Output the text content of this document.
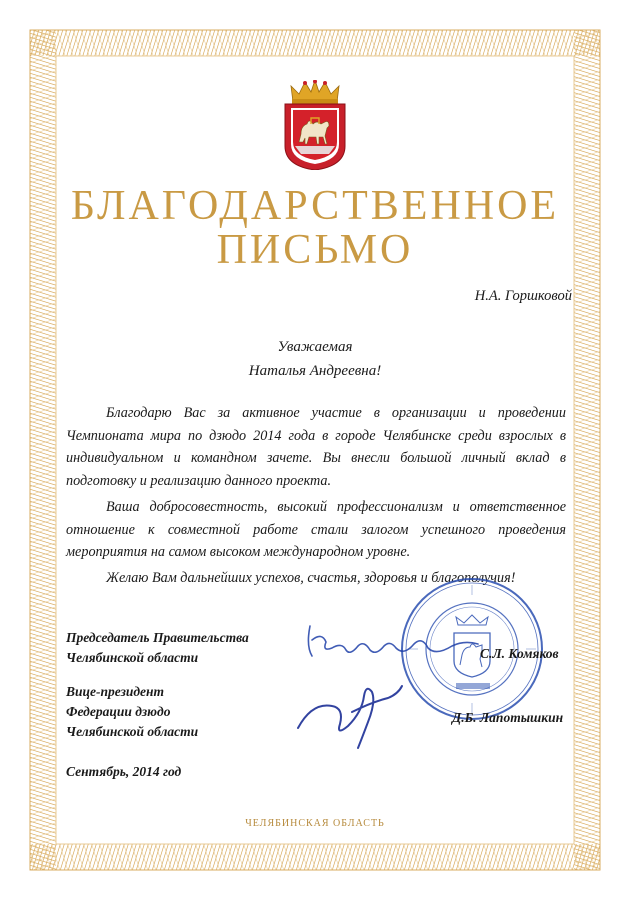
БЛАГОДАРСТВЕННОЕ
ПИСЬМО
Н.А. Горшковой
Уважаемая
Наталья Андреевна!

Благодарю Вас за активное участие в организации и проведении Чемпионата мира по дзюдо 2014 года в городе Челябинске среди взрослых в индивидуальном и командном зачете. Вы внесли большой личный вклад в подготовку и реализацию данного проекта.

Ваша добросовестность, высокий профессионализм и ответственное отношение к совместной работе стали залогом успешного проведения мероприятия на самом высоком международном уровне.

Желаю Вам дальнейших успехов, счастья, здоровья и благополучия!

Председатель Правительства
Челябинской области	С.Л. Комяков
Вице-президент
Федерации дзюдо
Челябинской области
Д.Б. Лапотышкин
Сентябрь, 2014 год
ЧЕЛЯБИНСКАЯ ОБЛАСТЬ
